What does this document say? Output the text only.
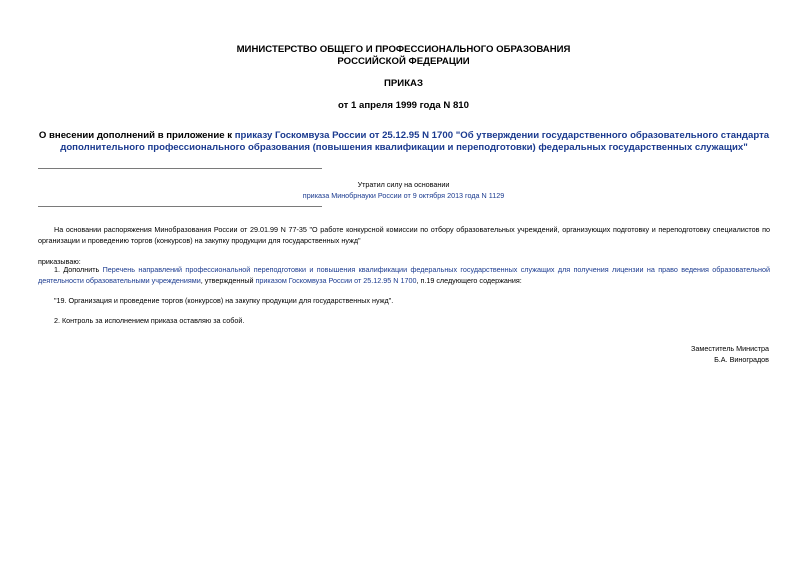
МИНИСТЕРСТВО ОБЩЕГО И ПРОФЕССИОНАЛЬНОГО ОБРАЗОВАНИЯ
РОССИЙСКОЙ ФЕДЕРАЦИИ
ПРИКАЗ
от 1 апреля 1999 года N 810
О внесении дополнений в приложение к приказу Госкомвуза России от 25.12.95 N 1700 "Об утверждении государственного образовательного стандарта дополнительного профессионального образования (повышения квалификации и переподготовки) федеральных государственных служащих"
Утратил силу на основании
приказа Минобрнауки России от 9 октября 2013 года N 1129
На основании распоряжения Минобразования России от 29.01.99 N 77-35 "О работе конкурсной комиссии по отбору образовательных учреждений, организующих подготовку и переподготовку специалистов по организации и проведению торгов (конкурсов) на закупку продукции для государственных нужд"
приказываю:
1. Дополнить Перечень направлений профессиональной переподготовки и повышения квалификации федеральных государственных служащих для получения лицензии на право ведения образовательной деятельности образовательными учреждениями, утвержденный приказом Госкомвуза России от 25.12.95 N 1700, п.19 следующего содержания:
"19. Организация и проведение торгов (конкурсов) на закупку продукции для государственных нужд".
2. Контроль за исполнением приказа оставляю за собой.
Заместитель Министра
Б.А. Виноградов
